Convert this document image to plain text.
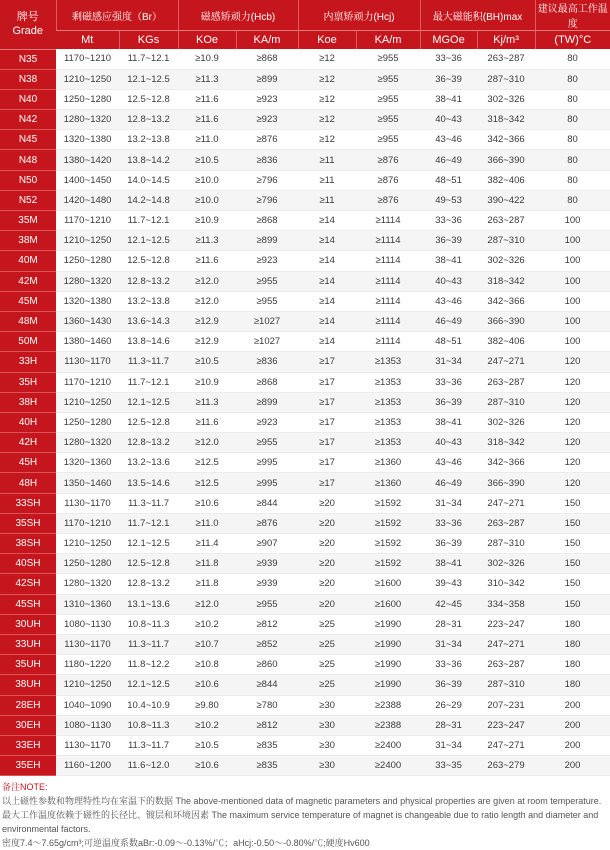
牌号
Grade	剩磁感应强度（Br）		磁感矫顽力(Hcb)		内禀矫顽力(Hcj)		最大磁能积(BH)max		建议最高工作温度
	Mt	KGs	KOe	KA/m	Koe	KA/m	MGOe	Kj/m³	(TW)°C
N35	1170~1210	11.7~12.1	≥10.9	≥868	≥12	≥955	33~36	263~287	80
N38	1210~1250	12.1~12.5	≥11.3	≥899	≥12	≥955	36~39	287~310	80
N40	1250~1280	12.5~12.8	≥11.6	≥923	≥12	≥955	38~41	302~326	80
N42	1280~1320	12.8~13.2	≥11.6	≥923	≥12	≥955	40~43	318~342	80
N45	1320~1380	13.2~13.8	≥11.0	≥876	≥12	≥955	43~46	342~366	80
N48	1380~1420	13.8~14.2	≥10.5	≥836	≥11	≥876	46~49	366~390	80
N50	1400~1450	14.0~14.5	≥10.0	≥796	≥11	≥876	48~51	382~406	80
N52	1420~1480	14.2~14.8	≥10.0	≥796	≥11	≥876	49~53	390~422	80
35M	1170~1210	11.7~12.1	≥10.9	≥868	≥14	≥1114	33~36	263~287	100
38M	1210~1250	12.1~12.5	≥11.3	≥899	≥14	≥1114	36~39	287~310	100
40M	1250~1280	12.5~12.8	≥11.6	≥923	≥14	≥1114	38~41	302~326	100
42M	1280~1320	12.8~13.2	≥12.0	≥955	≥14	≥1114	40~43	318~342	100
45M	1320~1380	13.2~13.8	≥12.0	≥955	≥14	≥1114	43~46	342~366	100
48M	1360~1430	13.6~14.3	≥12.9	≥1027	≥14	≥1114	46~49	366~390	100
50M	1380~1460	13.8~14.6	≥12.9	≥1027	≥14	≥1114	48~51	382~406	100
33H	1130~1170	11.3~11.7	≥10.5	≥836	≥17	≥1353	31~34	247~271	120
35H	1170~1210	11.7~12.1	≥10.9	≥868	≥17	≥1353	33~36	263~287	120
38H	1210~1250	12.1~12.5	≥11.3	≥899	≥17	≥1353	36~39	287~310	120
40H	1250~1280	12.5~12.8	≥11.6	≥923	≥17	≥1353	38~41	302~326	120
42H	1280~1320	12.8~13.2	≥12.0	≥955	≥17	≥1353	40~43	318~342	120
45H	1320~1360	13.2~13.6	≥12.5	≥995	≥17	≥1360	43~46	342~366	120
48H	1350~1460	13.5~14.6	≥12.5	≥995	≥17	≥1360	46~49	366~390	120
33SH	1130~1170	11.3~11.7	≥10.6	≥844	≥20	≥1592	31~34	247~271	150
35SH	1170~1210	11.7~12.1	≥11.0	≥876	≥20	≥1592	33~36	263~287	150
38SH	1210~1250	12.1~12.5	≥11.4	≥907	≥20	≥1592	36~39	287~310	150
40SH	1250~1280	12.5~12.8	≥11.8	≥939	≥20	≥1592	38~41	302~326	150
42SH	1280~1320	12.8~13.2	≥11.8	≥939	≥20	≥1600	39~43	310~342	150
45SH	1310~1360	13.1~13.6	≥12.0	≥955	≥20	≥1600	42~45	334~358	150
30UH	1080~1130	10.8~11.3	≥10.2	≥812	≥25	≥1990	28~31	223~247	180
33UH	1130~1170	11.3~11.7	≥10.7	≥852	≥25	≥1990	31~34	247~271	180
35UH	1180~1220	11.8~12.2	≥10.8	≥860	≥25	≥1990	33~36	263~287	180
38UH	1210~1250	12.1~12.5	≥10.6	≥844	≥25	≥1990	36~39	287~310	180
28EH	1040~1090	10.4~10.9	≥9.80	≥780	≥30	≥2388	26~29	207~231	200
30EH	1080~1130	10.8~11.3	≥10.2	≥812	≥30	≥2388	28~31	223~247	200
33EH	1130~1170	11.3~11.7	≥10.5	≥835	≥30	≥2400	31~34	247~271	200
35EH	1160~1200	11.6~12.0	≥10.6	≥835	≥30	≥2400	33~35	263~279	200

备注NOTE:

以上磁性参数和物理特性均在室温下的数据 The above-mentioned data of magnetic parameters and physical properties are given at room temperature.

最大工作温度依赖于磁性的长径比、镀层和环境因素 The maximum service temperature of magnet is changeable due to ratio length and diameter and environmental factors.

密度7.4～7.65g/cm³;可逆温度系数aBr:-0.09～-0.13%/℃；aHcj:-0.50～-0.80%/℃;硬度Hv600
